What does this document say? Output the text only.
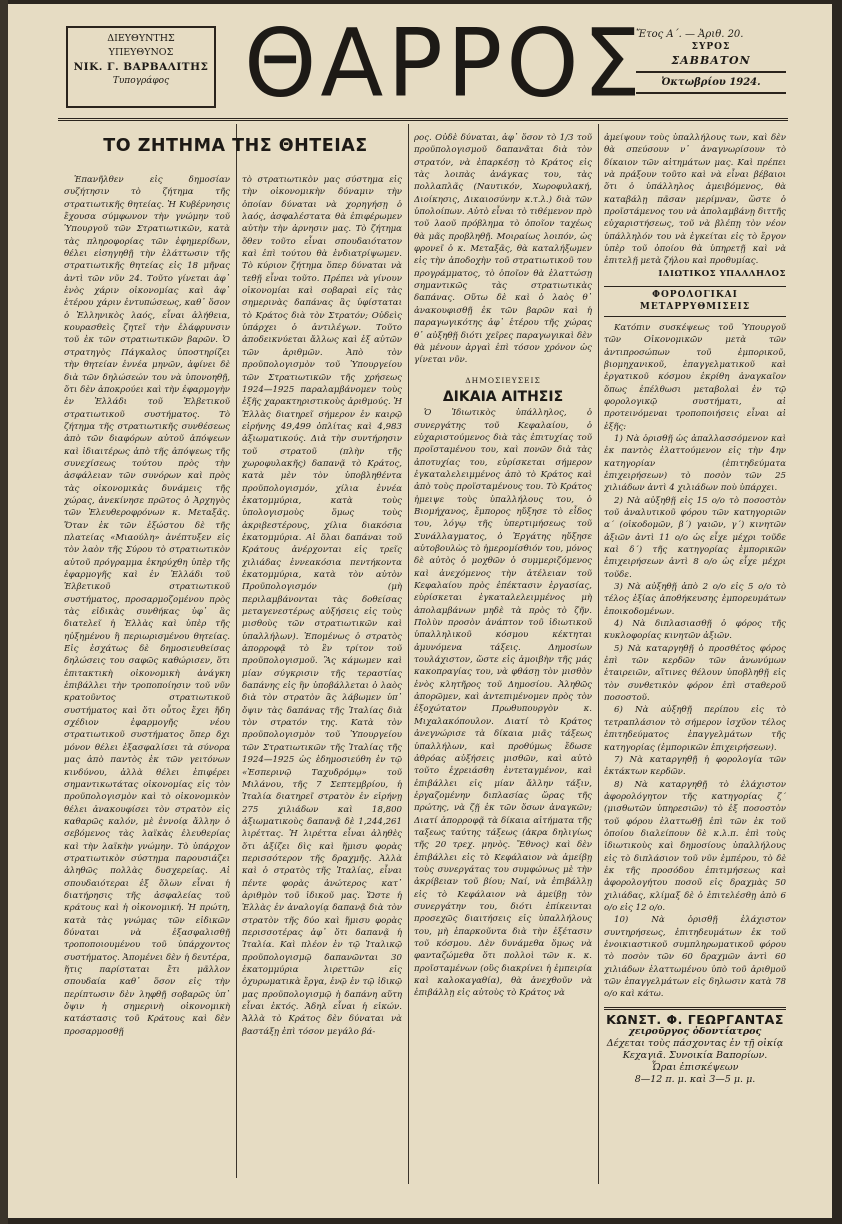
ΔΙΕΥΘΥΝΤΗΣ
ΥΠΕΥΘΥΝΟΣ
ΝΙΚ. Γ. ΒΑΡΒΑΛΙΤΗΣ
Τυπογράφος ΘΑΡΡΟΣ
Ἔτος Α΄. — Ἀριθ. 20.
ΣΥΡΟΣ
ΣΑΒΒΑΤΟΝ
Ὀκτωβρίου 1924.
ΤΟ ΖΗΤΗΜΑ ΤΗΣ ΘΗΤΕΙΑΣ

Ἐπανῆλθεν εἰς δημοσίαν συζήτησιν τὸ ζήτημα τῆς στρατιωτικῆς θητείας. Ἡ Κυβέρνησις ἔχουσα σύμφωνον τὴν γνώμην τοῦ Ὑπουργοῦ τῶν Στρατιωτικῶν, κατὰ τὰς πληροφορίας τῶν ἐφημερίδων, θέλει εἰσηγηθῇ τὴν ἐλάττωσιν τῆς στρατιωτικῆς θητείας εἰς 18 μῆνας ἀντὶ τῶν νῦν 24. Τοῦτο γίνεται ἀφ᾽ ἑνὸς χάριν οἰκονομίας καὶ ἀφ᾽ ἑτέρου χάριν ἐντυπώσεως, καθ᾽ ὅσον ὁ Ἑλληνικὸς λαός, εἶναι ἀλήθεια, κουρασθεὶς ζητεῖ τὴν ἐλάφρυνσιν τοῦ ἐκ τῶν στρατιωτικῶν βαρῶν. Ὁ στρατηγὸς Πάγκαλος ὑποστηρίζει τὴν θητείαν ἐννέα μηνῶν, ἀφίνει δὲ διὰ τῶν δηλώσεών του νὰ ὑπονοηθῇ, ὅτι δὲν ἀποκρούει καὶ τὴν ἐφαρμογὴν ἐν Ἑλλάδι τοῦ Ἑλβετικοῦ στρατιωτικοῦ συστήματος. Τὸ ζήτημα τῆς στρατιωτικῆς συνθέσεως ἀπὸ τῶν διαφόρων αὐτοῦ ἀπόψεων καὶ ἰδιαιτέρως ἀπὸ τῆς ἀπόψεως τῆς συνεχίσεως τούτου πρὸς τὴν ἀσφάλειαν τῶν συνόρων καὶ πρὸς τὰς οἰκονομικὰς δυνάμεις τῆς χώρας, ἀνεκίνησε πρῶτος ὁ Ἀρχηγὸς τῶν Ἑλευθεροφρόνων κ. Μεταξᾶς. Ὅταν ἐκ τῶν ἐξώστου δὲ τῆς πλατείας «Μιαούλη» ἀνέπτυξεν εἰς τὸν λαὸν τῆς Σύρου τὸ στρατιωτικὸν αὐτοῦ πρόγραμμα ἐκηρύχθη ὑπὲρ τῆς ἐφαρμογῆς καὶ ἐν Ἑλλάδι τοῦ Ἑλβετικοῦ στρατιωτικοῦ συστήματος, προσαρμοζομένου πρὸς τὰς εἰδικὰς συνθήκας ὑφ᾽ ἃς διατελεῖ ἡ Ἑλλὰς καὶ ὑπὲρ τῆς ηὐξημένου ἢ περιωρισμένου θητείας. Εἰς ἐσχάτως δὲ δημοσιευθείσας δηλώσεις του σαφῶς καθώρισεν, ὅτι ἐπιτακτικὴ οἰκονομικὴ ἀνάγκη ἐπιβάλλει τὴν τροποποίησιν τοῦ νῦν κρατοῦντος στρατιωτικοῦ συστήματος καὶ ὅτι οὗτος ἔχει ἤδη σχέδιον ἐφαρμογῆς νέου στρατιωτικοῦ συστήματος ὅπερ δχι μόνον θέλει ἐξασφαλίσει τὰ σύνορα μας ἀπὸ παντὸς ἐκ τῶν γειτόνων κινδύνου, ἀλλὰ θέλει ἐπιφέρει σημαντικωτάτας οἰκονομίας εἰς τὸν προϋπολογισμὸν καὶ τὸ οἰκονομικὸν θέλει ἀνακουφίσει τὸν στρατὸν εἰς καθαρῶς καλόν, μὲ ἐννοίᾳ ἄλλην ὁ σεβόμενος τὰς λαϊκὰς ἐλευθερίας καὶ τὴν λαϊκὴν γνώμην. Τὸ ὑπάρχον στρατιωτικὸν σύστημα παρουσιάζει ἀληθῶς πολλὰς δυσχερείας. Αἱ σπουδαιότεραι ἐξ ὅλων εἶναι ἡ διατήρησις τῆς ἀσφαλείας τοῦ κράτους καὶ ἡ οἰκονομική. Ἡ πρώτη, κατὰ τὰς γνώμας τῶν εἰδικῶν δύναται νὰ ἐξασφαλισθῇ τροποποιουμένου τοῦ ὑπάρχοντος συστήματος. Ἀπομένει δὲν ἡ δευτέρα, ἥτις παρίσταται ἔτι μᾶλλον σπουδαία καθ᾽ ὅσον εἰς τὴν περίπτωσιν δὲν ληφθῇ σοβαρῶς ὑπ᾽ ὄψιν ἡ σημερινὴ οἰκονομικὴ κατάστασις τοῦ Κράτους καὶ δὲν προσαρμοσθῇ

τὸ στρατιωτικὸν μας σύστημα εἰς τὴν οἰκονομικὴν δύναμιν τὴν ὁποίαν δύναται νὰ χορηγήσῃ ὁ λαός, ἀσφαλέστατα θὰ ἐπιφέρωμεν αὐτὴν τὴν ἀρνησιν μας. Τὸ ζήτημα ὅθεν τοῦτο εἶναι σπουδαιότατον καὶ ἐπὶ τούτου θὰ ἐνδιατρίψωμεν. Τὸ κύριον ζήτημα ὅπερ δύναται νὰ τεθῇ εἶναι τοῦτο. Πρέπει νὰ γίνουν οἰκονομίαι καὶ σοβαραὶ εἰς τὰς σημερινὰς δαπάνας ἂς ὑφίσταται τὸ Κράτος διὰ τὸν Στρατόν; Οὐδεὶς ὑπάρχει ὁ ἀντιλέγων. Τοῦτο ἀποδεικνύεται ἄλλως καὶ ἐξ αὐτῶν τῶν ἀριθμῶν. Ἀπὸ τὸν προϋπολογισμὸν τοῦ Ὑπουργείου τῶν Στρατιωτικῶν τῆς χρήσεως 1924—1925 παραλαμβάνομεν τοὺς ἑξῆς χαρακτηριστικοὺς ἀριθμούς. Ἡ Ἑλλὰς διατηρεῖ σήμερον ἐν καιρῷ εἰρήνης 49,499 ὁπλίτας καὶ 4,983 ἀξιωματικούς. Διὰ τὴν συντήρησιν τοῦ στρατοῦ (πλὴν τῆς χωροφυλακῆς) δαπανᾷ τὸ Κράτος, κατὰ μὲν τὸν ὑποβληθέντα προϋπολογισμόν, χίλια ἑννέα ἑκατομμύρια, κατὰ τοὺς ὑπολογισμοὺς ὅμως τοὺς ἀκριβεστέρους, χίλια διακόσια ἑκατομμύρια. Αἱ ὅλαι δαπάναι τοῦ Κράτους ἀνέρχονται εἰς τρεῖς χιλιάδας ἐννεακόσια πεντήκοντα ἑκατομμύρια, κατὰ τὸν αὐτὸν Προϋπολογισμόν (μὴ περιλαμβάνονται τὰς δοθείσας μεταγενεστέρως αὐξήσεις εἰς τοὺς μισθοὺς τῶν στρατιωτικῶν καὶ ὑπαλλήλων). Ἑπομένως ὁ στρατὸς ἀπορροφᾷ τὸ ἓν τρίτον τοῦ προϋπολογισμοῦ. Ἂς κάμωμεν καὶ μίαν σύγκρισιν τῆς τεραστίας δαπάνης εἰς ἣν ὑποβάλλεται ὁ λαὸς διὰ τὸν στρατὸν ἂς λάβωμεν ὑπ᾽ ὄψιν τὰς δαπάνας τῆς Ἰταλίας διὰ τὸν στρατόν της. Κατὰ τὸν προϋπολογισμὸν τοῦ Ὑπουργείου τῶν Στρατιωτικῶν τῆς Ἰταλίας τῆς 1924—1925 ὡς ἐδημοσιεύθη ἐν τῷ «Ἐσπερινῷ Ταχυδρόμῳ» τοῦ Μιλάνου, τῆς 7 Σεπτεμβρίου, ἡ Ἰταλία διατηρεῖ στρατὸν ἐν εἰρήνῃ 275 χιλιάδων καὶ 18,800 ἀξιωματικοὺς δαπανᾷ δὲ 1,244,261 λιρέττας. Ἡ λιρέττα εἶναι ἀληθὲς ὅτι ἀξίζει δὶς καὶ ἥμισυ φορὰς περισσότερον τῆς δραχμῆς. Ἀλλὰ καὶ ὁ στρατὸς τῆς Ἰταλίας, εἶναι πέντε φορὰς ἀνώτερος κατ᾽ ἀριθμὸν τοῦ ἰδικοῦ μας. Ὥστε ἡ Ἑλλὰς ἐν ἀναλογίᾳ δαπανᾷ διὰ τὸν στρατὸν τῆς δύο καὶ ἥμισυ φορὰς περισσοτέρας ἀφ᾽ ὅτι δαπανᾷ ἡ Ἰταλία. Καὶ πλέον ἐν τῷ Ἰταλικῷ προϋπολογισμῷ δαπανῶνται 30 ἑκατομμύρια λιρεττῶν εἰς ὀχυρωματικὰ ἔργα, ἐνῷ ἐν τῷ ἰδικῷ μας προϋπολογισμῷ ἡ δαπάνη αὕτη εἶναι ἐκτός. Ἀδηλ εἶναι ἡ εἰκών. Ἀλλὰ τὸ Κράτος δὲν δύναται νὰ βαστάξῃ ἐπὶ τόσον μεγάλο βά-

ρος. Οὐδὲ δύναται, ἀφ᾽ ὅσον τὸ 1/3 τοῦ προϋπολογισμοῦ δαπανᾶται διὰ τὸν στρατόν, νὰ ἐπαρκέσῃ τὸ Κράτος εἰς τὰς λοιπὰς ἀνάγκας του, τὰς πολλαπλᾶς (Ναυτικόν, Χωροφυλακή, Διοίκησις, Δικαιοσύνην κ.τ.λ.) διὰ τῶν ὑπολοίπων. Αὐτὸ εἶναι τὸ τιθέμενον πρὸ τοῦ λαοῦ πρόβλημα τὸ ὁποῖον ταχέως θὰ μᾶς προβληθῇ. Μοιραίως λοιπόν, ὡς φρονεῖ ὁ κ. Μεταξᾶς, θὰ καταλήξωμεν εἰς τὴν ἀποδοχὴν τοῦ στρατιωτικοῦ του προγράμματος, τὸ ὁποῖον θὰ ἐλαττώσῃ σημαντικῶς τὰς στρατιωτικὰς δαπάνας. Οὕτω δὲ καὶ ὁ λαὸς θ᾽ ἀνακουφισθῇ ἐκ τῶν βαρῶν καὶ ἡ παραγωγικότης ἀφ᾽ ἑτέρου τῆς χώρας θ᾽ αὐξηθῇ διότι χεῖρες παραγωγικαὶ δὲν θὰ μένουν ἀργαὶ ἐπὶ τόσον χρόνον ὡς γίνεται νῦν.

ΔΗΜΟΣΙΕΥΣΕΙΣ
ΔΙΚΑΙΑ ΑΙΤΗΣΙΣ

Ὁ Ἰδιωτικὸς ὑπάλληλος, ὁ συνεργάτης τοῦ Κεφαλαίου, ὁ εὐχαριστούμενος διὰ τὰς ἐπιτυχίας τοῦ προϊσταμένου του, καὶ πονῶν διὰ τὰς ἀποτυχίας του, εὑρίσκεται σήμερον ἐγκαταλελειμμένος ἀπὸ τὸ Κράτος καὶ ἀπὸ τοὺς προϊσταμένους του. Τὸ Κράτος ἠμειψε τοὺς ὑπαλλήλους του, ὁ Βιομήχανος, ἔμπορος ηὔξησε τὸ εἶδος του, λόγῳ τῆς ὑπερτιμήσεως τοῦ Συνάλλαγματος, ὁ Ἐργάτης ηὔξησε αὐτοβουλὼς τὸ ἡμερομίσθιόν του, μόνος δὲ αὐτὸς ὁ μοχθῶν ὁ συμμεριζόμενος καὶ ἀνεχόμενος τὴν ἀτέλειαν τοῦ Κεφαλαίου πρὸς ἐπέκτασιν ἐργασίας, εὑρίσκεται ἐγκαταλελειμμένος μὴ ἀπολαμβάνων μηδὲ τὰ πρὸς τὸ ζῆν. Πολὺν προσὸν ἀνάπτον τοῦ ἰδιωτικοῦ ὑπαλληλικοῦ κόσμου κέκτηται ἀμυνόμενα τάξεις. Δημοσίων τουλάχιστον, ὥστε εἰς ἀμοιβὴν τῆς μάς κακοπραγίας του, νὰ φθάσῃ τὸν μισθὸν ἑνὸς κλητῆρος τοῦ Δημοσίου. Ἀληθῶς ἀπορῶμεν, καὶ ἀντεπιμένομεν πρὸς τὸν ἐξοχώτατον Πρωθυπουργὸν κ. Μιχαλακόπουλον. Διατί τὸ Κράτος ἀνεγνώρισε τὰ δίκαια μιᾶς τάξεως ὑπαλλήλων, καὶ προθύμως ἔδωσε ἀθρόας αὐξήσεις μισθῶν, καὶ αὐτὸ τοῦτο ἐχρειάσθη ἐντεταγμένον, καὶ ἐπιβάλλει εἰς μίαν ἄλλην τάξιν, ἐργαζομένην διπλασίας ὥρας τῆς πρώτης, νὰ ζῇ ἐκ τῶν ὅσων ἀναγκῶν; Διατί ἀπορροφᾷ τὰ δίκαια αἰτήματα τῆς ταξεως ταύτης τάξεως (ἀκρα δηλιγίως τῆς 20 τρεχ. μηνὸς. Ἔθνος) καὶ δὲν ἐπιβάλλει εἰς τὸ Κεφάλαιον νὰ ἀμείβῃ τοὺς συνεργάτας του συμφώνως μὲ τὴν ἀκρίβειαν τοῦ βίου; Ναί, νὰ ἐπιβάλλῃ εἰς τὸ Κεφάλαιον νὰ ἀμείβῃ τὸν συνεργάτην του, διότι ἐπίκεινται προσεχῶς διαιτήσεις εἰς ὑπαλλήλους του, μὴ ἐπαρκοῦντα διὰ τὴν ἐξέτασιν τοῦ κόσμου. Δὲν δυνάμεθα ὅμως νὰ φανταζώμεθα ὅτι πολλοὶ τῶν κ. κ. προϊσταμένων (οὓς διακρίνει ἡ ἐμπειρία καὶ καλοκαγαθία), θὰ ἀνεχθοῦν νὰ ἐπιβάλλῃ εἰς αὐτοὺς τὸ Κράτος νὰ

ἀμείψουν τοὺς ὑπαλλήλους των, καὶ δὲν θὰ σπεύσουν ν᾽ ἀναγνωρίσουν τὸ δίκαιον τῶν αἰτημάτων μας. Καὶ πρέπει νὰ πράξουν τοῦτο καὶ νὰ εἶναι βέβαιοι ὅτι ὁ ὑπάλληλος ἀμειβόμενος, θὰ καταβάλῃ πᾶσαν μερίμναν, ὥστε ὁ προϊστάμενος του νὰ ἀπολαμβάνῃ διττῆς εὐχαριστήσεως, τοῦ νὰ βλέπῃ τὸν νέον ὑπάλληλόν του νὰ ἐγκείται εἰς τὸ ἔργον ὑπὲρ τοῦ ὁποίου θὰ ὑπηρετῇ καὶ νὰ ἐπιτελῇ μετὰ ζήλου καὶ προθυμίας.

ΙΔΙΩΤΙΚΟΣ ΥΠΑΛΛΗΛΟΣ
ΦΟΡΟΛΟΓΙΚΑΙ ΜΕΤΑΡΡΥΘΜΙΣΕΙΣ

Κατόπιν συσκέψεως τοῦ Ὑπουργοῦ τῶν Οἰκονομικῶν μετὰ τῶν ἀντιπροσώπων τοῦ ἐμπορικοῦ, βιομηχανικοῦ, ἐπαγγελματικοῦ καὶ ἐργατικοῦ κόσμου ἐκρίθη ἀναγκαῖον ὅπως ἐπέλθωσι μεταβολαὶ ἐν τῷ φορολογικῷ συστήματι, αἱ προτεινόμεναι τροποποιήσεις εἶναι αἱ ἑξῆς:

1) Νὰ ὁρισθῇ ὡς ἀπαλλασσόμενον καὶ ἐκ παντὸς ἐλαττούμενον εἰς τὴν 4ην κατηγορίαν (ἐπιτηδεύματα ἐπιχειρήσεων) τὸ ποσὸν τῶν 25 χιλιάδων ἀντὶ 4 χιλιάδων ποὺ ὑπάρχει.

2) Νὰ αὐξηθῇ εἰς 15 ο/ο τὸ ποσοστὸν τοῦ ἀναλυτικοῦ φόρου τῶν κατηγοριῶν α΄ (οἰκοδομῶν, β΄) γαιῶν, γ΄) κινητῶν ἀξιῶν ἀντὶ 11 ο/ο ὡς εἶχε μέχρι τοῦδε καὶ δ΄) τῆς κατηγορίας ἐμπορικῶν ἐπιχειρήσεων ἀντὶ 8 ο/ο ὡς εἶχε μέχρι τοῦδε.

3) Νὰ αὐξηθῇ ἀπὸ 2 ο/ο εἰς 5 ο/ο τὸ τέλος ἐξίας ἀποθήκευσης ἐμπορευμάτων ἐποικοδομένων.

4) Νὰ διπλασιασθῇ ὁ φόρος τῆς κυκλοφορίας κινητῶν ἀξιῶν.

5) Νὰ καταργηθῇ ὁ προσθέτος φόρος ἐπὶ τῶν κερδῶν τῶν ἀνωνύμων ἑταιρειῶν, αἵτινες θέλουν ὑποβληθῇ εἰς τὸν συνθετικὸν φόρον ἐπὶ σταθεροῦ ποσοστοῦ.

6) Νὰ αὐξηθῇ περίπου εἰς τὸ τετραπλάσιον τὸ σήμερον ἰσχῦον τέλος ἐπιτηδεύματος ἐπαγγελμάτων τῆς κατηγορίας (ἐμπορικῶν ἐπιχειρήσεων).

7) Νὰ καταργηθῇ ἡ φορολογία τῶν ἐκτάκτων κερδῶν.

8) Νὰ καταργηθῇ τὸ ἐλάχιστον ἀφορολόγητον τῆς κατηγορίας ζ΄ (μισθωτῶν ὑπηρεσιῶν) τὸ ἐξ ποσοστὸν τοῦ φόρου ἐλαττωθῇ ἐπὶ τῶν ἐκ τοῦ ὁποίου διαλείπουν δὲ κ.λ.π. ἐπὶ τοὺς ἰδιωτικοὺς καὶ δημοσίους ὑπαλλήλους εἰς τὸ διπλάσιον τοῦ νῦν ἐμπέρου, τὸ δὲ ἐκ τῆς προσόδου ἐπιτιμήσεως καὶ ἀφορολογήτου ποσοῦ εἰς δραχμὰς 50 χιλιάδας, κλίμαξ δὲ ὁ ἐπιτελέσθῃ ἀπὸ 6 ο/ο εἰς 12 ο/ο.

10) Νὰ ὁρισθῇ ἐλάχιστον συντηρήσεως, ἐπιτηδευμάτων ἐκ τοῦ ἐνοικιαστικοῦ συμπληρωματικοῦ φόρου τὸ ποσὸν τῶν 60 δραχμῶν ἀντὶ 60 χιλιάδων ἐλαττωμένου ὑπὸ τοῦ ἀριθμοῦ τῶν ἐπαγγελμάτων εἰς δηλωσιν κατὰ 78 ο/ο καὶ κάτω.

ΚΩΝΣΤ. Φ. ΓΕΩΡΓΑΝΤΑΣ
χειροῦργος ὀδοντίατρος
Δέχεται τοὺς πάσχοντας ἐν τῇ οἰκίᾳ
Κεχαγιᾶ. Συνοικία Βαπορίων.
Ὧραι ἐπισκέψεων
8—12 π. μ. καὶ 3—5 μ. μ.
